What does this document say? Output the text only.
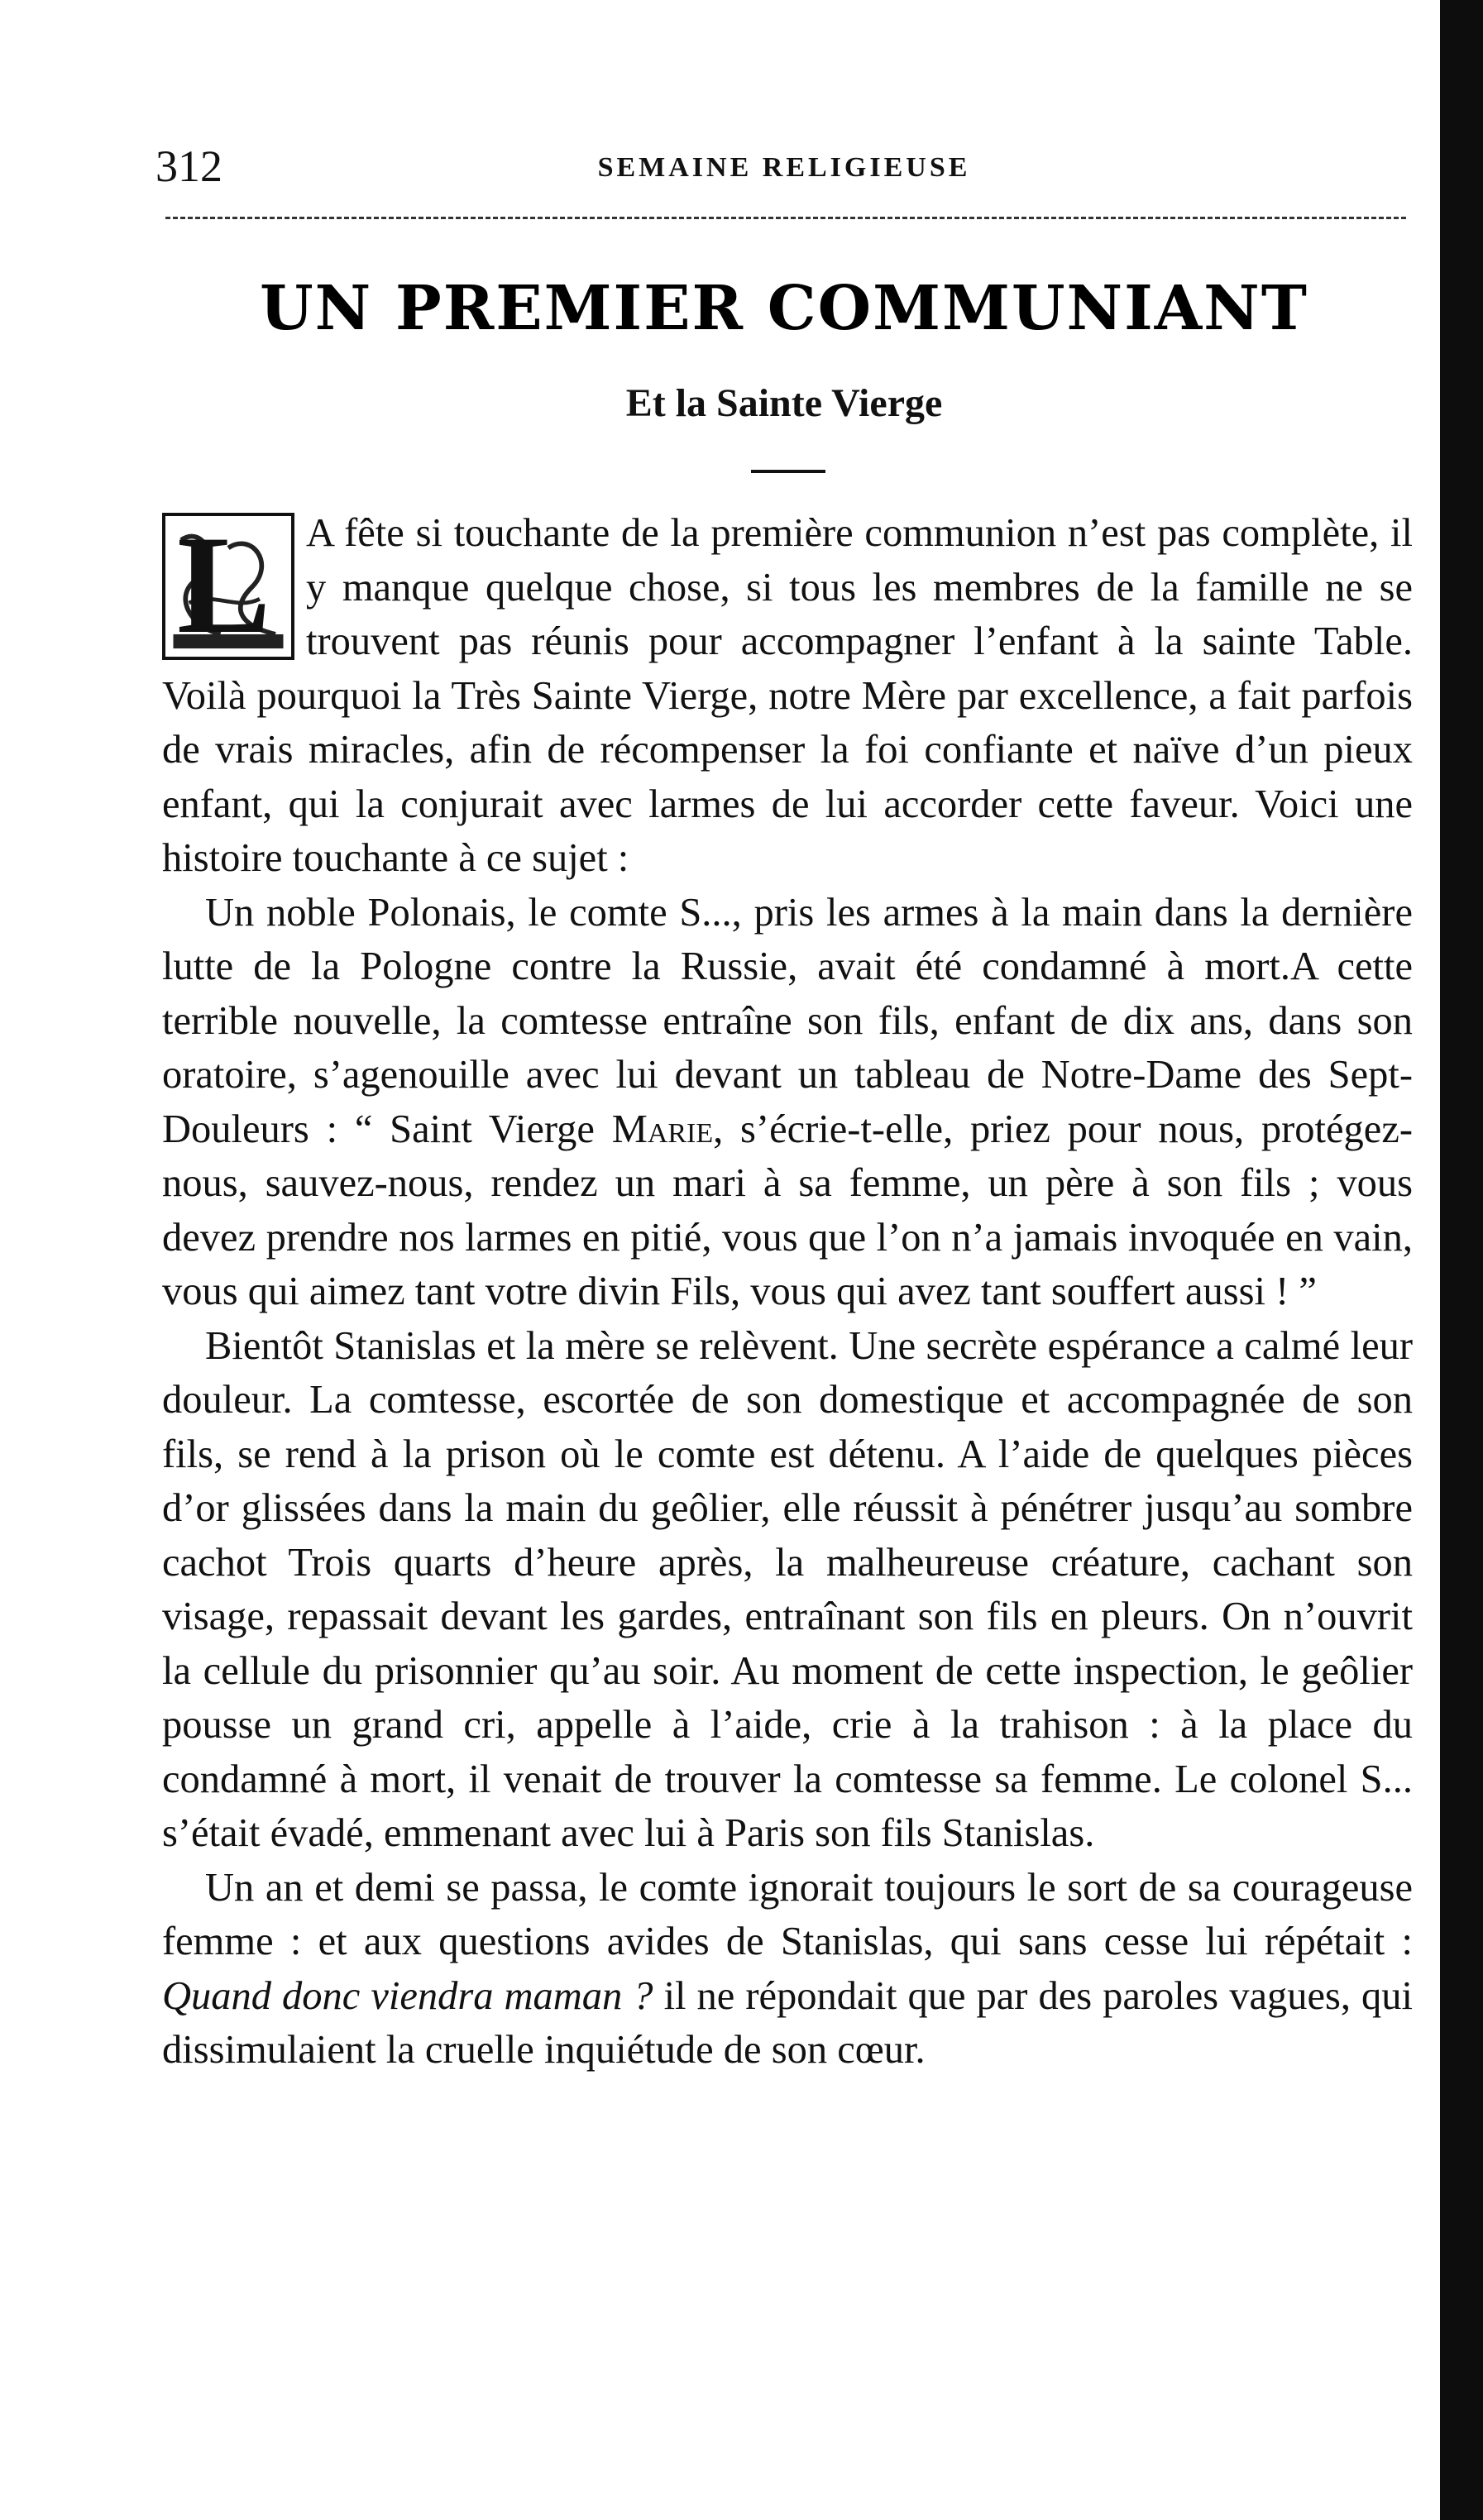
312	SEMAINE RELIGIEUSE
UN PREMIER COMMUNIANT
Et la Sainte Vierge

L A fête si touchante de la première communion n’est pas complète, il y manque quelque chose, si tous les membres de la famille ne se trouvent pas réunis pour accompagner l’enfant à la sainte Table. Voilà pourquoi la Très Sainte Vierge, notre Mère par excellence, a fait parfois de vrais miracles, afin de récompenser la foi confiante et naïve d’un pieux enfant, qui la conjurait avec larmes de lui accorder cette faveur. Voici une histoire touchante à ce sujet :

Un noble Polonais, le comte S..., pris les armes à la main dans la dernière lutte de la Pologne contre la Russie, avait été condamné à mort.A cette terrible nouvelle, la comtesse entraîne son fils, enfant de dix ans, dans son oratoire, s’agenouille avec lui devant un tableau de Notre-Dame des Sept-Douleurs : “ Saint Vierge Marie, s’écrie-t-elle, priez pour nous, protégez-nous, sauvez-nous, rendez un mari à sa femme, un père à son fils ; vous devez prendre nos larmes en pitié, vous que l’on n’a jamais invoquée en vain, vous qui aimez tant votre divin Fils, vous qui avez tant souffert aussi ! ”

Bientôt Stanislas et la mère se relèvent. Une secrète espérance a calmé leur douleur. La comtesse, escortée de son domestique et accompagnée de son fils, se rend à la prison où le comte est détenu. A l’aide de quelques pièces d’or glissées dans la main du geôlier, elle réussit à pénétrer jusqu’au sombre cachot Trois quarts d’heure après, la malheureuse créature, cachant son visage, repassait devant les gardes, entraînant son fils en pleurs. On n’ouvrit la cellule du prisonnier qu’au soir. Au moment de cette inspection, le geôlier pousse un grand cri, appelle à l’aide, crie à la trahison : à la place du condamné à mort, il venait de trouver la comtesse sa femme. Le colonel S... s’était évadé, emmenant avec lui à Paris son fils Stanislas.

Un an et demi se passa, le comte ignorait toujours le sort de sa courageuse femme : et aux questions avides de Stanislas, qui sans cesse lui répétait : Quand donc viendra maman ? il ne répondait que par des paroles vagues, qui dissimulaient la cruelle inquiétude de son cœur.
